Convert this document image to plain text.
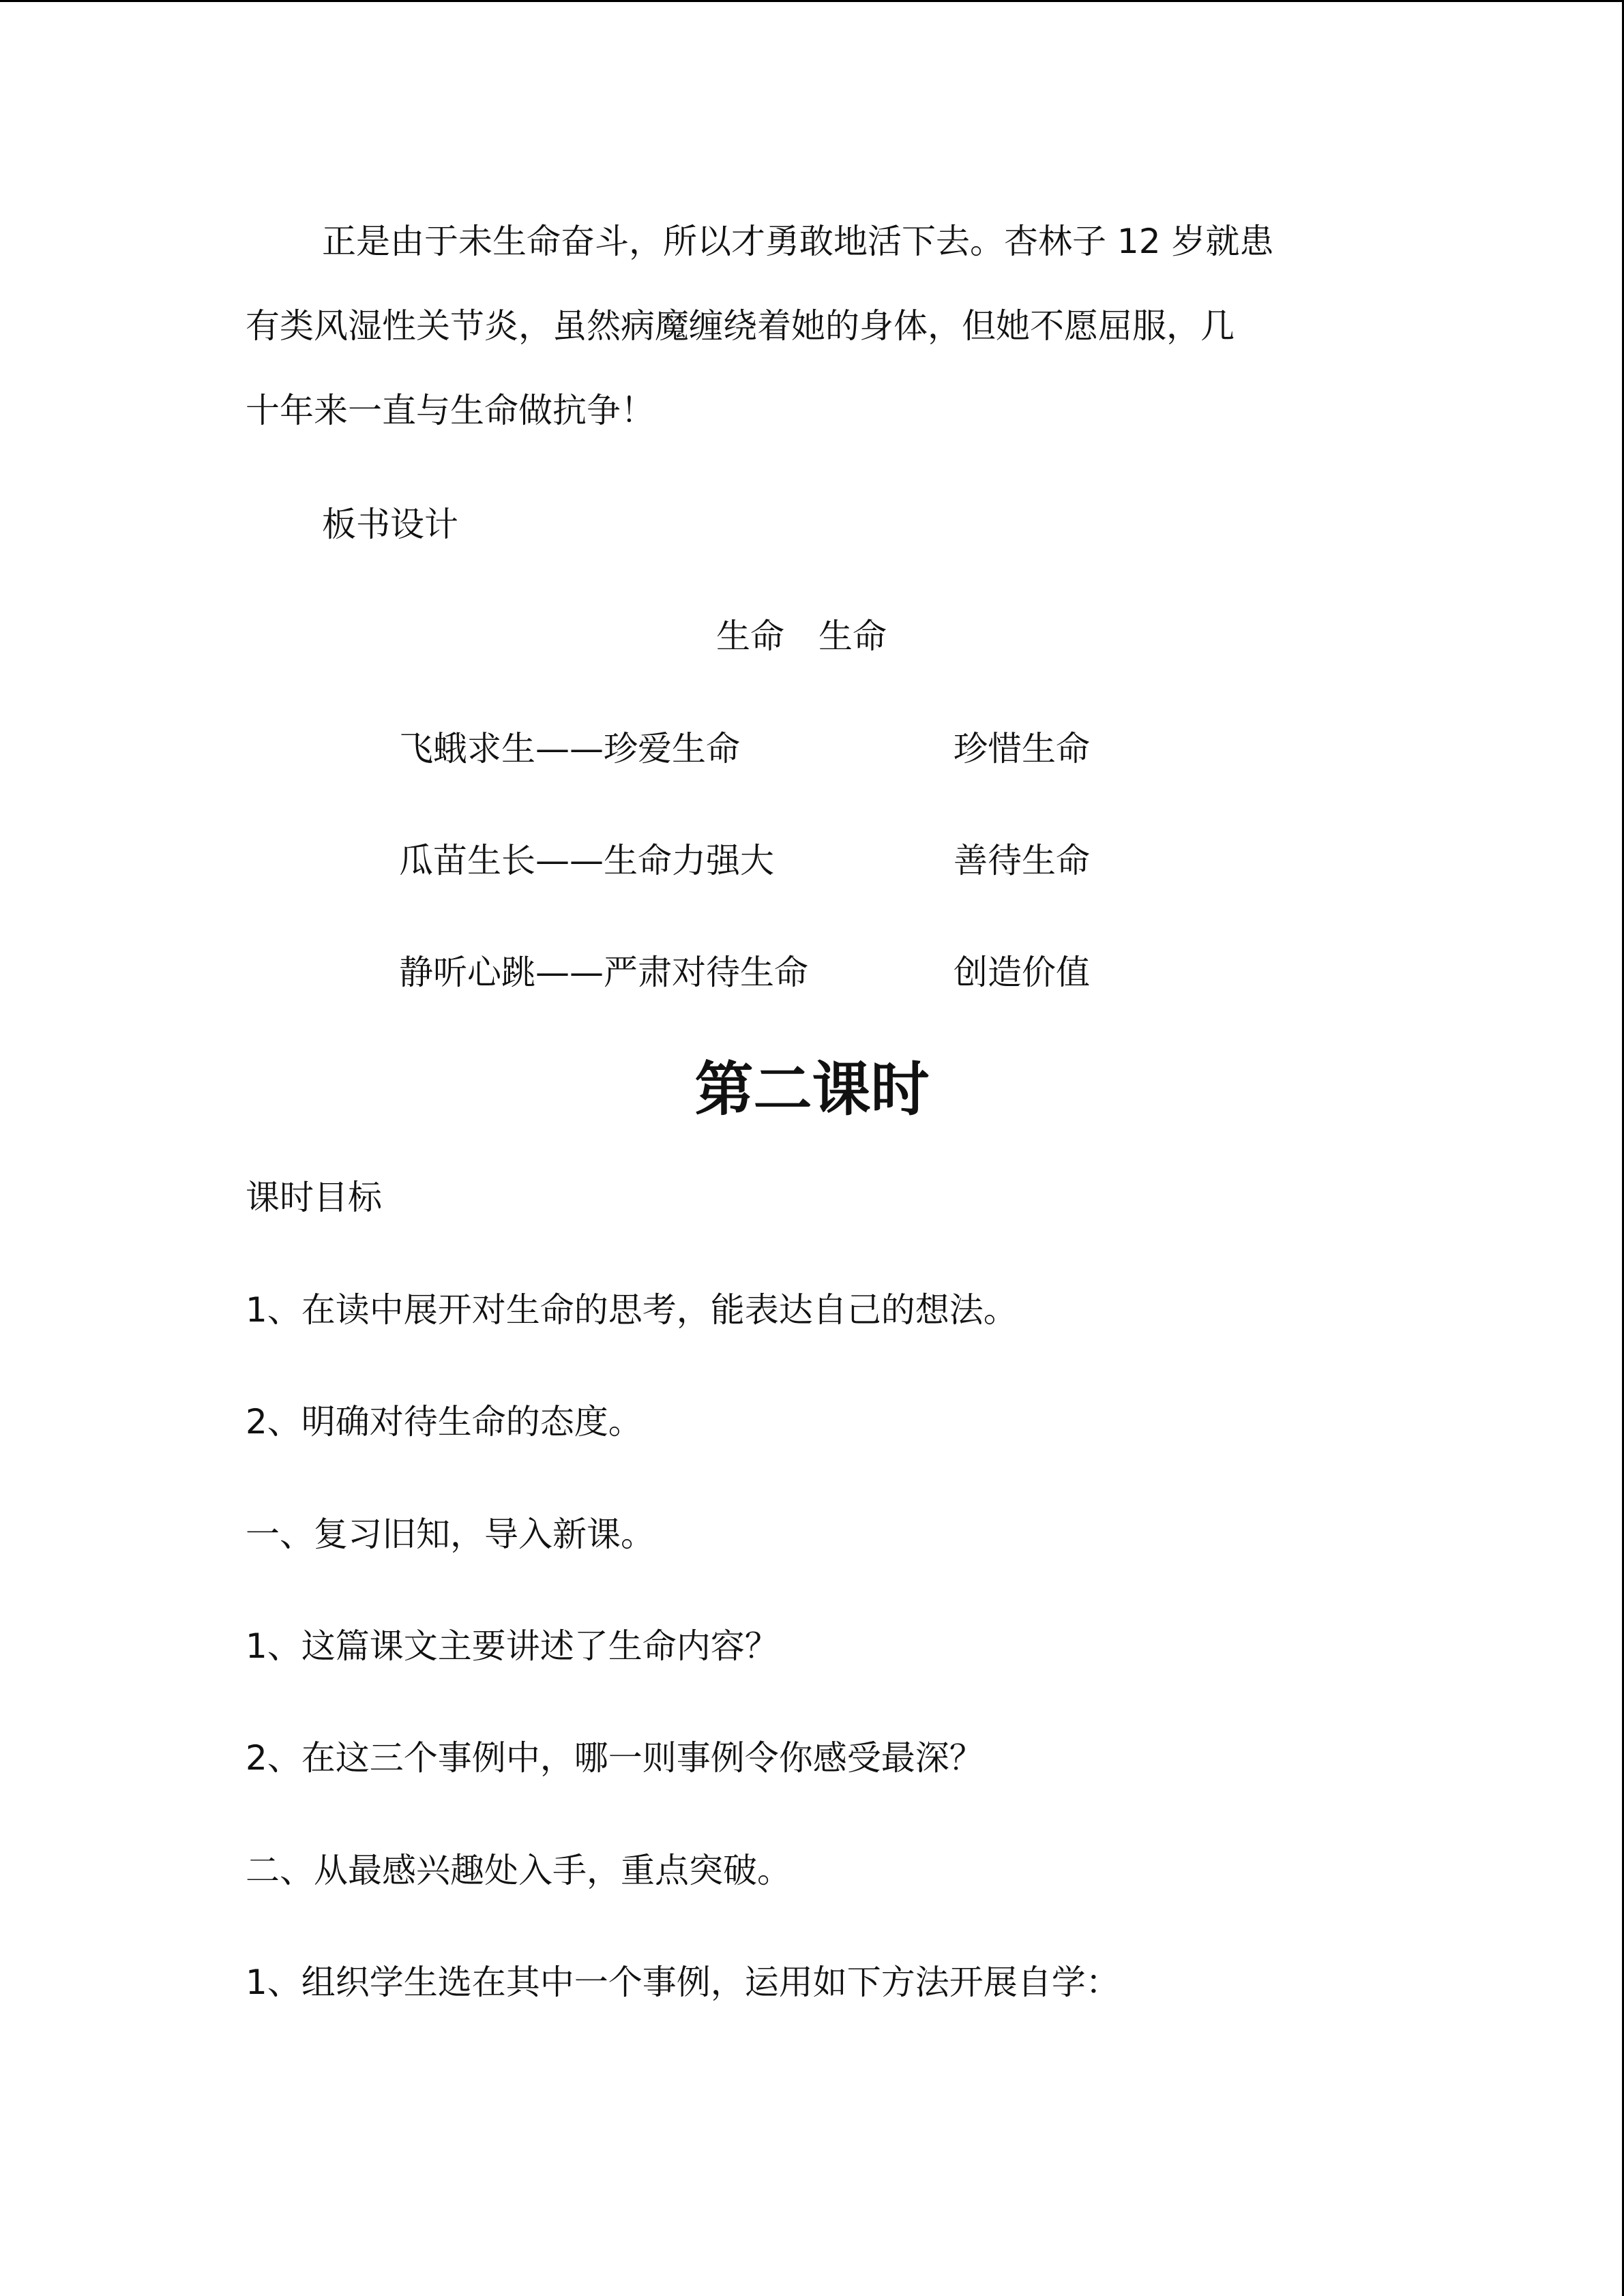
正是由于未生命奋斗，所以才勇敢地活下去。杏林子 12 岁就患
有类风湿性关节炎，虽然病魔缠绕着她的身体，但她不愿屈服，几
十年来一直与生命做抗争！
板书设计
生命　生命
飞蛾求生——珍爱生命	珍惜生命
瓜苗生长——生命力强大	善待生命
静听心跳——严肃对待生命	创造价值
第二课时
课时目标
1、在读中展开对生命的思考，能表达自己的想法。
2、明确对待生命的态度。
一、复习旧知，导入新课。
1、这篇课文主要讲述了生命内容？
2、在这三个事例中，哪一则事例令你感受最深？
二、从最感兴趣处入手，重点突破。
1、组织学生选在其中一个事例，运用如下方法开展自学：
